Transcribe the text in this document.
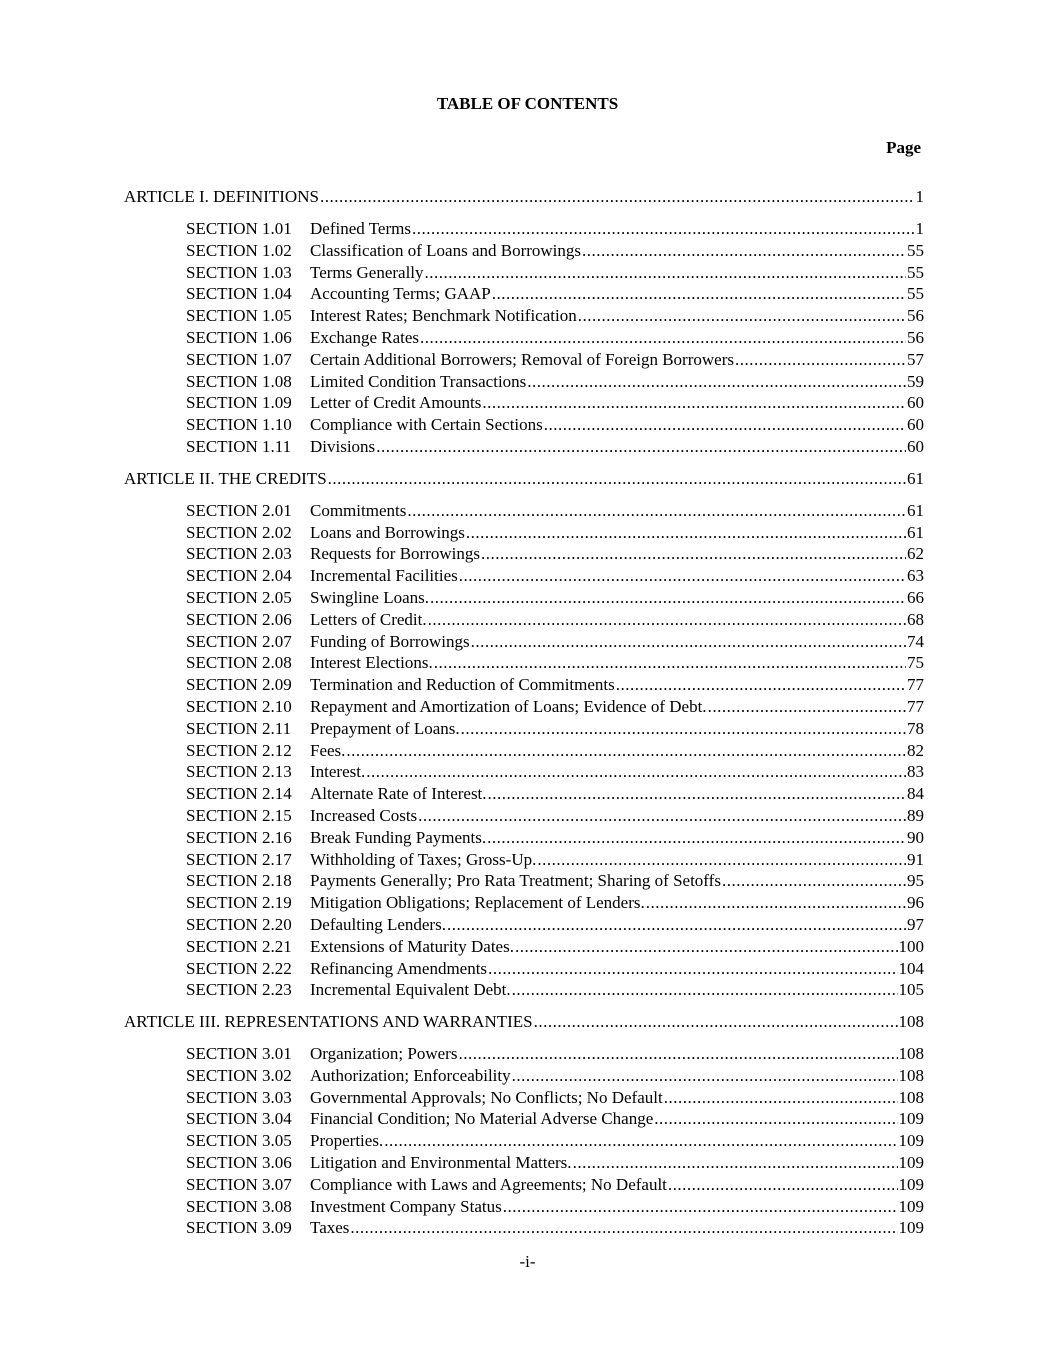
TABLE OF CONTENTS
Page
ARTICLE I. DEFINITIONS .....	1
SECTION 1.01	Defined Terms .....	1
SECTION 1.02	Classification of Loans and Borrowings .....	55
SECTION 1.03	Terms Generally .....	55
SECTION 1.04	Accounting Terms; GAAP .....	55
SECTION 1.05	Interest Rates; Benchmark Notification .....	56
SECTION 1.06	Exchange Rates .....	56
SECTION 1.07	Certain Additional Borrowers; Removal of Foreign Borrowers .....	57
SECTION 1.08	Limited Condition Transactions .....	59
SECTION 1.09	Letter of Credit Amounts .....	60
SECTION 1.10	Compliance with Certain Sections .....	60
SECTION 1.11	Divisions .....	60
ARTICLE II. THE CREDITS .....	61
SECTION 2.01	Commitments .....	61
SECTION 2.02	Loans and Borrowings .....	61
SECTION 2.03	Requests for Borrowings .....	62
SECTION 2.04	Incremental Facilities .....	63
SECTION 2.05	Swingline Loans. .....	66
SECTION 2.06	Letters of Credit. .....	68
SECTION 2.07	Funding of Borrowings .....	74
SECTION 2.08	Interest Elections. .....	75
SECTION 2.09	Termination and Reduction of Commitments .....	77
SECTION 2.10	Repayment and Amortization of Loans; Evidence of Debt. .....	77
SECTION 2.11	Prepayment of Loans. .....	78
SECTION 2.12	Fees. .....	82
SECTION 2.13	Interest. .....	83
SECTION 2.14	Alternate Rate of Interest. .....	84
SECTION 2.15	Increased Costs .....	89
SECTION 2.16	Break Funding Payments. .....	90
SECTION 2.17	Withholding of Taxes; Gross-Up. .....	91
SECTION 2.18	Payments Generally; Pro Rata Treatment; Sharing of Setoffs .....	95
SECTION 2.19	Mitigation Obligations; Replacement of Lenders. .....	96
SECTION 2.20	Defaulting Lenders. .....	97
SECTION 2.21	Extensions of Maturity Dates. .....	100
SECTION 2.22	Refinancing Amendments .....	104
SECTION 2.23	Incremental Equivalent Debt. .....	105
ARTICLE III. REPRESENTATIONS AND WARRANTIES .....	108
SECTION 3.01	Organization; Powers .....	108
SECTION 3.02	Authorization; Enforceability .....	108
SECTION 3.03	Governmental Approvals; No Conflicts; No Default .....	108
SECTION 3.04	Financial Condition; No Material Adverse Change .....	109
SECTION 3.05	Properties. .....	109
SECTION 3.06	Litigation and Environmental Matters. .....	109
SECTION 3.07	Compliance with Laws and Agreements; No Default .....	109
SECTION 3.08	Investment Company Status .....	109
SECTION 3.09	Taxes .....	109
-i-
